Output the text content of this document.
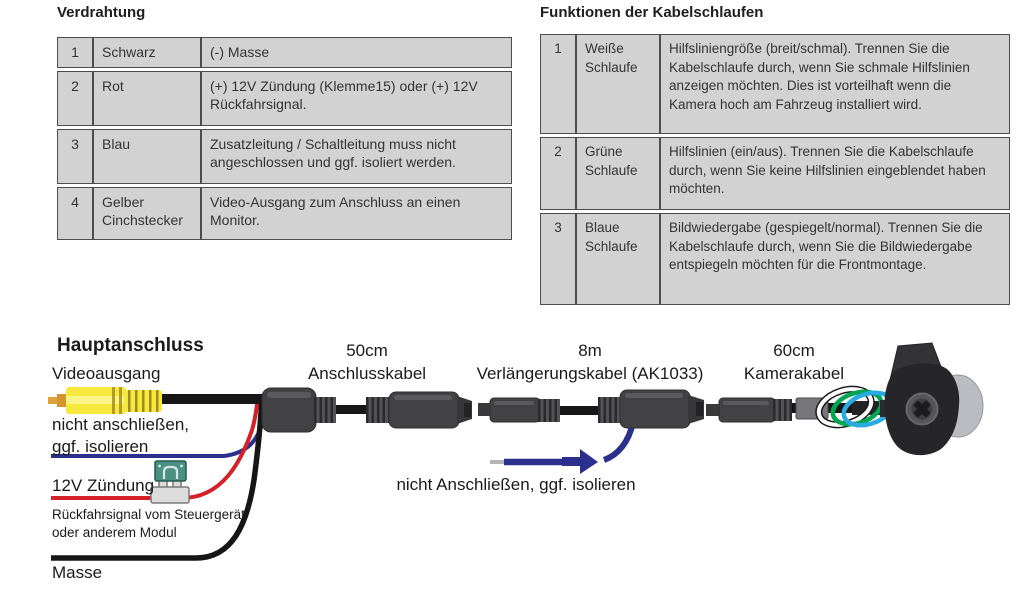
Verdrahtung	Funktionen der Kabelschlaufen
1	Schwarz	(-) Masse
2	Rot	(+) 12V Zündung (Klemme15) oder (+) 12V Rückfahrsignal.
3	Blau	Zusatzleitung / Schaltleitung muss nicht angeschlossen und ggf. isoliert werden.
4	Gelber Cinchstecker	Video-Ausgang zum Anschluss an einen Monitor.
1	Weiße Schlaufe	Hilfsliniengröße (breit/schmal). Trennen Sie die Kabelschlaufe durch, wenn Sie schmale Hilfslinien anzeigen möchten. Dies ist vorteilhaft wenn die Kamera hoch am Fahrzeug installiert wird.
2	Grüne Schlaufe	Hilfslinien (ein/aus). Trennen Sie die Kabelschlaufe durch, wenn Sie keine Hilfslinien eingeblendet haben möchten.
3	Blaue Schlaufe	Bildwiedergabe (gespiegelt/normal). Trennen Sie die Kabelschlaufe durch, wenn Sie die Bildwiedergabe entspiegeln möchten für die Frontmontage.
Hauptanschluss
Videoausgang
nicht anschließen,
ggf. isolieren
12V Zündung
Rückfahrsignal vom Steuergerät
oder anderem Modul
Masse
50cm
Anschlusskabel
8m
Verlängerungskabel (AK1033)
60cm
Kamerakabel
nicht Anschließen, ggf. isolieren
